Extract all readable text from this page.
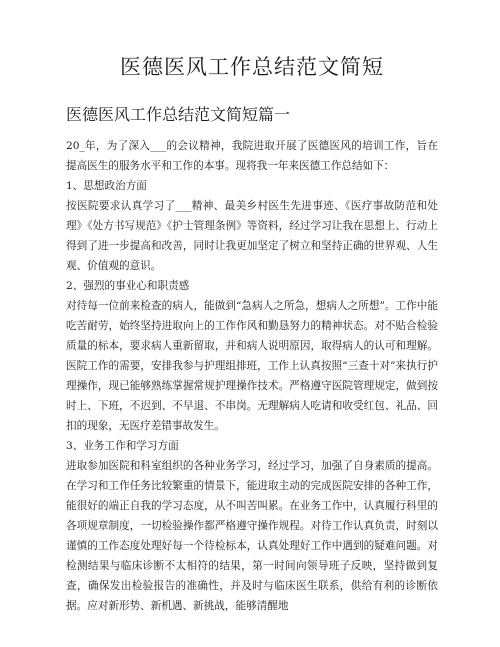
医德医风工作总结范文简短
医德医风工作总结范文简短篇一

20_年，为了深入___的会议精神，我院进取开展了医德医风的培训工作，旨在提高医生的服务水平和工作的本事。现将我一年来医德工作总结如下：

1、思想政治方面

按医院要求认真学习了___精神、最美乡村医生先进事迹、《医疗事故防范和处理》《处方书写规范》《护士管理条例》等资料，经过学习让我在思想上、行动上得到了进一步提高和改善，同时让我更加坚定了树立和坚持正确的世界观、人生观、价值观的意识。

2、强烈的事业心和职责感

对待每一位前来检查的病人，能做到“急病人之所急，想病人之所想”。工作中能吃苦耐劳，始终坚持进取向上的工作作风和勤恳努力的精神状态。对不贴合检验质量的标本，要求病人重新留取，并和病人说明原因，取得病人的认可和理解。医院工作的需要，安排我参与护理组排班，工作上认真按照“三查十对”来执行护理操作，现已能够熟练掌握常规护理操作技术。严格遵守医院管理规定，做到按时上、下班，不迟到、不早退、不串岗。无理解病人吃请和收受红包、礼品、回扣的现象，无医疗差错事故发生。

3、业务工作和学习方面

进取参加医院和科室组织的各种业务学习，经过学习，加强了自身素质的提高。在学习和工作任务比较繁重的情景下，能进取主动的完成医院安排的各种工作，能很好的端正自我的学习态度，从不叫苦叫累。在业务工作中，认真履行科里的各项规章制度，一切检验操作都严格遵守操作规程。对待工作认真负责，时刻以谨慎的工作态度处理好每一个待检标本，认真处理好工作中遇到的疑难问题。对检测结果与临床诊断不太相符的结果，第一时间向领导班子反映，坚持做到复查，确保发出检验报告的准确性，并及时与临床医生联系，供给有利的诊断依据。应对新形势、新机遇、新挑战，能够清醒地
